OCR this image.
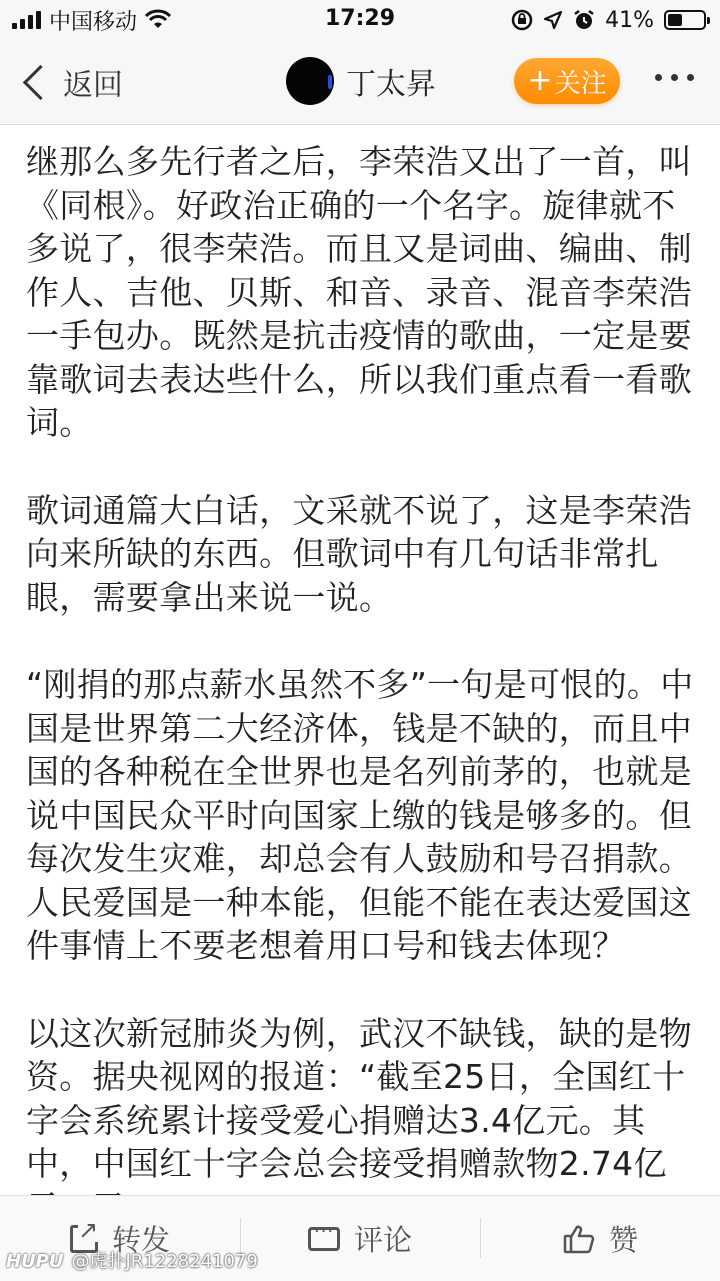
中国移动	17:29	41%
返回	丁太昇	+ 关注

继那么多先行者之后，李荣浩又出了一首，叫《同根》。好政治正确的一个名字。旋律就不多说了，很李荣浩。而且又是词曲、编曲、制作人、吉他、贝斯、和音、录音、混音李荣浩一手包办。既然是抗击疫情的歌曲，一定是要靠歌词去表达些什么，所以我们重点看一看歌词。

歌词通篇大白话，文采就不说了，这是李荣浩向来所缺的东西。但歌词中有几句话非常扎眼，需要拿出来说一说。

“刚捐的那点薪水虽然不多”一句是可恨的。中国是世界第二大经济体，钱是不缺的，而且中国的各种税在全世界也是名列前茅的，也就是说中国民众平时向国家上缴的钱是够多的。但每次发生灾难，却总会有人鼓励和号召捐款。人民爱国是一种本能，但能不能在表达爱国这件事情上不要老想着用口号和钱去体现？

以这次新冠肺炎为例，武汉不缺钱，缺的是物资。据央视网的报道：“截至25日，全国红十字会系统累计接受爱心捐赠达3.4亿元。其中，中国红十字会总会接受捐赠款物2.74亿

↗
转发
···	评论	赞
HUPU @虎扑JR1228241079
